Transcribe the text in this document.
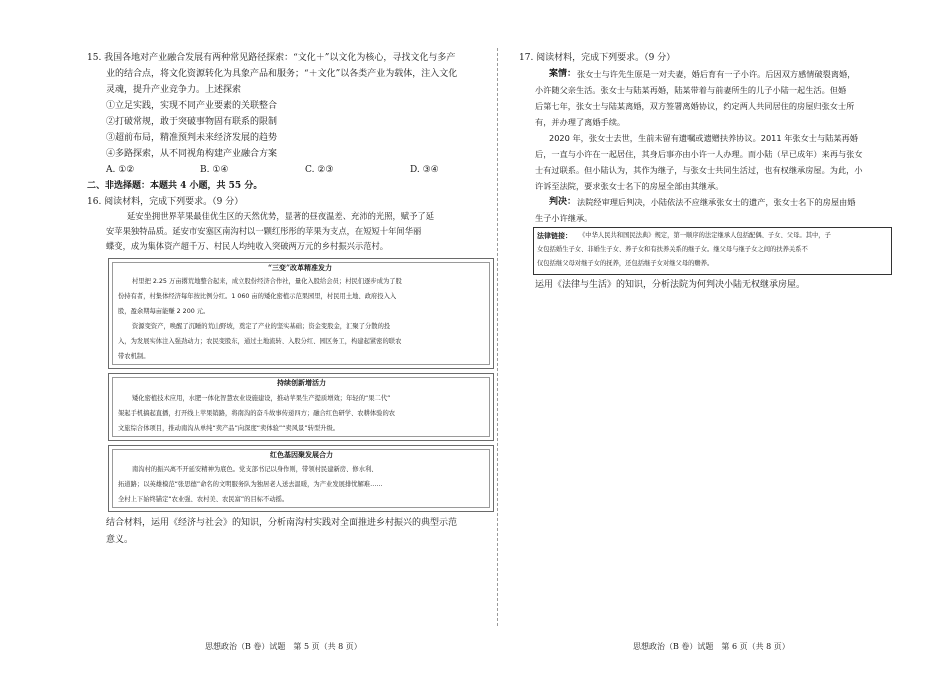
15. 我国各地对产业融合发展有两种常见路径探索：“文化＋”以文化为核心，寻找文化与多产
业的结合点，将文化资源转化为具象产品和服务；“＋文化”以各类产业为载体，注入文化
灵魂，提升产业竞争力。上述探索
①立足实践，实现不同产业要素的关联整合
②打破常规，敢于突破事物固有联系的限制
③超前布局，精准预判未来经济发展的趋势
④多路探索，从不同视角构建产业融合方案
A. ①②	B. ①④	C. ②③	D. ③④
二、非选择题：本题共 4 小题，共 55 分。
16. 阅读材料，完成下列要求。（9 分）
延安坐拥世界苹果最佳优生区的天然优势，显著的昼夜温差、充沛的光照，赋予了延
安苹果独特品质。延安市安塞区南沟村以一颗红彤彤的苹果为支点，在短短十年间华丽
蝶变，成为集体资产超千万、村民人均纯收入突破两万元的乡村振兴示范村。
“三变”改革精准发力
村里把 2.25 万亩撂荒地整合起来，成立股份经济合作社，量化入股给会员；村民们逐步成为了股
份持有者，村集体经济每年按比例分红。1 060 亩的矮化密植示范果园里，村民用土地、政府投入入
股，盈余期每亩能赚 2 200 元。
资源变资产，唤醒了沉睡的荒山野坡，奠定了产业的坚实基础；资金变股金，汇聚了分散的投
入，为发展实体注入强劲动力；农民变股东，通过土地流转、入股分红、园区务工，构建起紧密的联农
带农机制。
持续创新增活力
矮化密植技术应用，水肥一体化智慧农业设施建设，推动苹果生产提质增效；年轻的“果二代”
架起手机搞起直播，打开线上苹果销路，将南沟的奋斗故事传递四方；融合红色研学、农耕体验的农
文旅综合体项目，推动南沟从单纯“卖产品”向深度“卖体验”“卖风景”转型升级。
红色基因聚发展合力
南沟村的振兴离不开延安精神为底色。党支部书记以身作则，带领村民建新房、修水利、
拓道路；以英雄模范“张思德”命名的文明服务队为独居老人送去温暖，为产业发展排忧解难……
全村上下始终锚定“农业强、农村美、农民富”的目标不动摇。
结合材料，运用《经济与社会》的知识，分析南沟村实践对全面推进乡村振兴的典型示范
意义。
思想政治（B 卷）试题　第 5 页（共 8 页）
17. 阅读材料，完成下列要求。（9 分）
案情： 张女士与许先生原是一对夫妻，婚后育有一子小许。后因双方感情破裂离婚，
小许随父亲生活。张女士与陆某再婚，陆某带着与前妻所生的儿子小陆一起生活。但婚
后第七年，张女士与陆某离婚，双方签署离婚协议，约定两人共同居住的房屋归张女士所
有，并办理了离婚手续。
2020 年，张女士去世，生前未留有遗嘱或遗赠扶养协议。2011 年张女士与陆某再婚
后，一直与小许在一起居住，其身后事亦由小许一人办理。而小陆（早已成年）来再与张女
士有过联系。但小陆认为，其作为继子，与张女士共同生活过，也有权继承房屋。为此，小
许诉至法院，要求张女士名下的房屋全部由其继承。
判决： 法院经审理后判决，小陆依法不应继承张女士的遗产，张女士名下的房屋由婚
生子小许继承。
法律链接： 《中华人民共和国民法典》规定，第一顺序的法定继承人包括配偶、子女、父母。其中，子
女包括婚生子女、非婚生子女、养子女和有扶养关系的继子女。继父母与继子女之间的扶养关系不
仅包括继父母对继子女的抚养，还包括继子女对继父母的赡养。
运用《法律与生活》的知识，分析法院为何判决小陆无权继承房屋。
思想政治（B 卷）试题　第 6 页（共 8 页）
